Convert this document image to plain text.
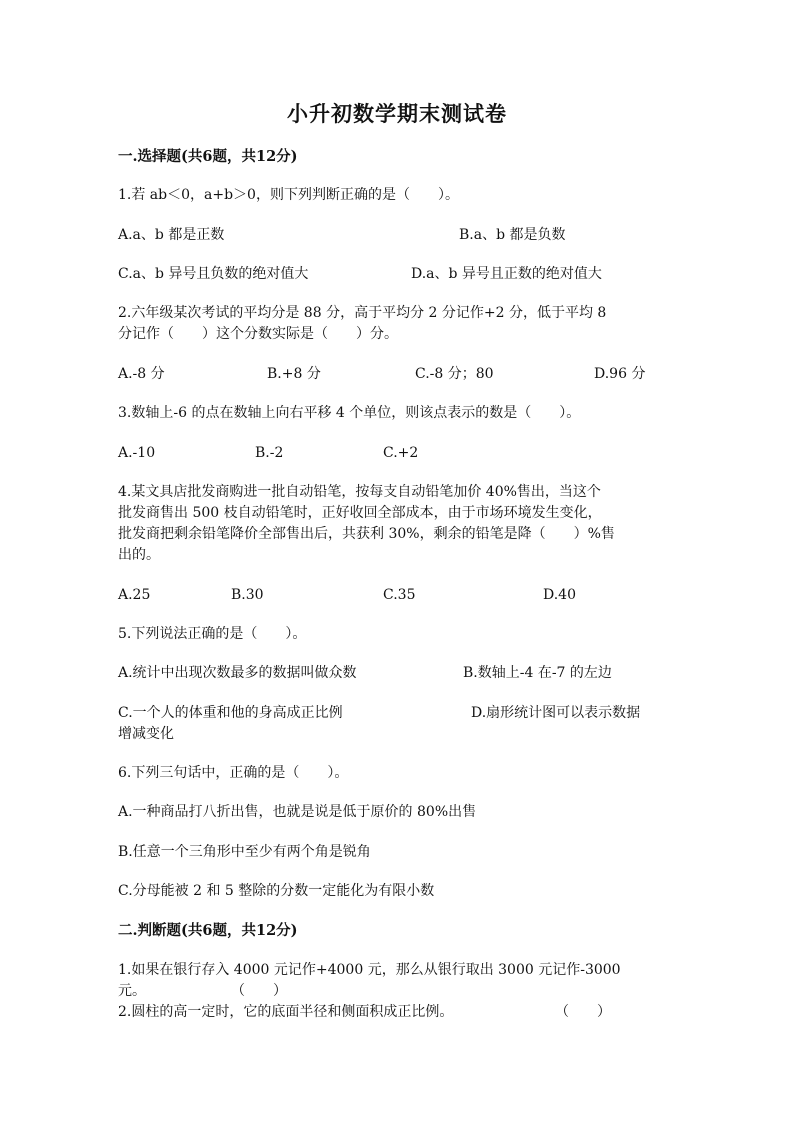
小升初数学期末测试卷
一.选择题(共6题，共12分)
1.若 ab＜0，a+b＞0，则下列判断正确的是（　　）。
A.a、b 都是正数	B.a、b 都是负数
C.a、b 异号且负数的绝对值大	D.a、b 异号且正数的绝对值大
2.六年级某次考试的平均分是 88 分，高于平均分 2 分记作+2 分，低于平均 8
分记作（　　）这个分数实际是（　　）分。
A.-8 分	B.+8 分	C.-8 分；80	D.96 分
3.数轴上-6 的点在数轴上向右平移 4 个单位，则该点表示的数是（　　）。
A.-10	B.-2	C.+2
4.某文具店批发商购进一批自动铅笔，按每支自动铅笔加价 40%售出，当这个
批发商售出 500 枝自动铅笔时，正好收回全部成本，由于市场环境发生变化，
批发商把剩余铅笔降价全部售出后，共获利 30%，剩余的铅笔是降（　　）%售
出的。
A.25	B.30	C.35	D.40
5.下列说法正确的是（　　）。
A.统计中出现次数最多的数据叫做众数	B.数轴上-4 在-7 的左边
C.一个人的体重和他的身高成正比例	D.扇形统计图可以表示数据
增减变化
6.下列三句话中，正确的是（　　）。
A.一种商品打八折出售，也就是说是低于原价的 80%出售
B.任意一个三角形中至少有两个角是锐角
C.分母能被 2 和 5 整除的分数一定能化为有限小数
二.判断题(共6题，共12分)
1.如果在银行存入 4000 元记作+4000 元，那么从银行取出 3000 元记作-3000
元。	（　　）
2.圆柱的高一定时，它的底面半径和侧面积成正比例。	（　　）
